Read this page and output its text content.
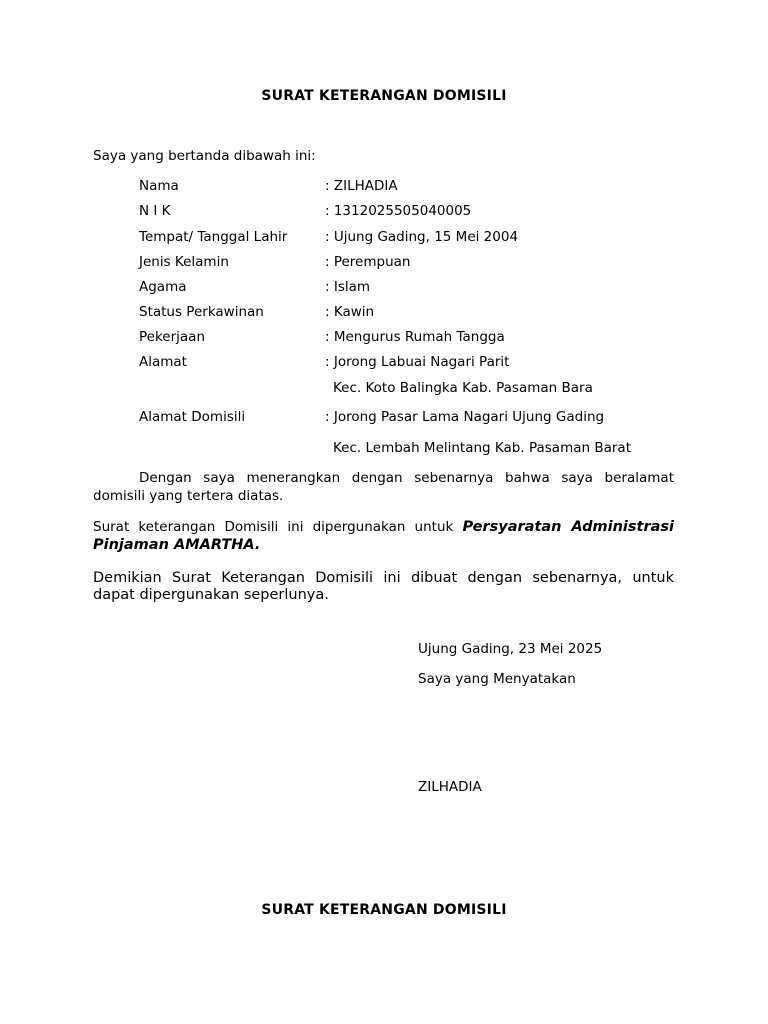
SURAT KETERANGAN DOMISILI
Saya yang bertanda dibawah ini:
Nama	: ZILHADIA
N I K	: 1312025505040005
Tempat/ Tanggal Lahir	: Ujung Gading, 15 Mei 2004
Jenis Kelamin	: Perempuan
Agama	: Islam
Status Perkawinan	: Kawin
Pekerjaan	: Mengurus Rumah Tangga
Alamat	: Jorong Labuai Nagari Parit
Kec. Koto Balingka Kab. Pasaman Bara
Alamat Domisili	: Jorong Pasar Lama Nagari Ujung Gading
Kec. Lembah Melintang Kab. Pasaman Barat
Dengan saya menerangkan dengan sebenarnya bahwa saya beralamat domisili yang tertera diatas.
Surat keterangan Domisili ini dipergunakan untuk Persyaratan Administrasi Pinjaman AMARTHA.
Demikian Surat Keterangan Domisili ini dibuat dengan sebenarnya, untuk dapat dipergunakan seperlunya.
Ujung Gading, 23 Mei 2025
Saya yang Menyatakan
ZILHADIA
SURAT KETERANGAN DOMISILI
